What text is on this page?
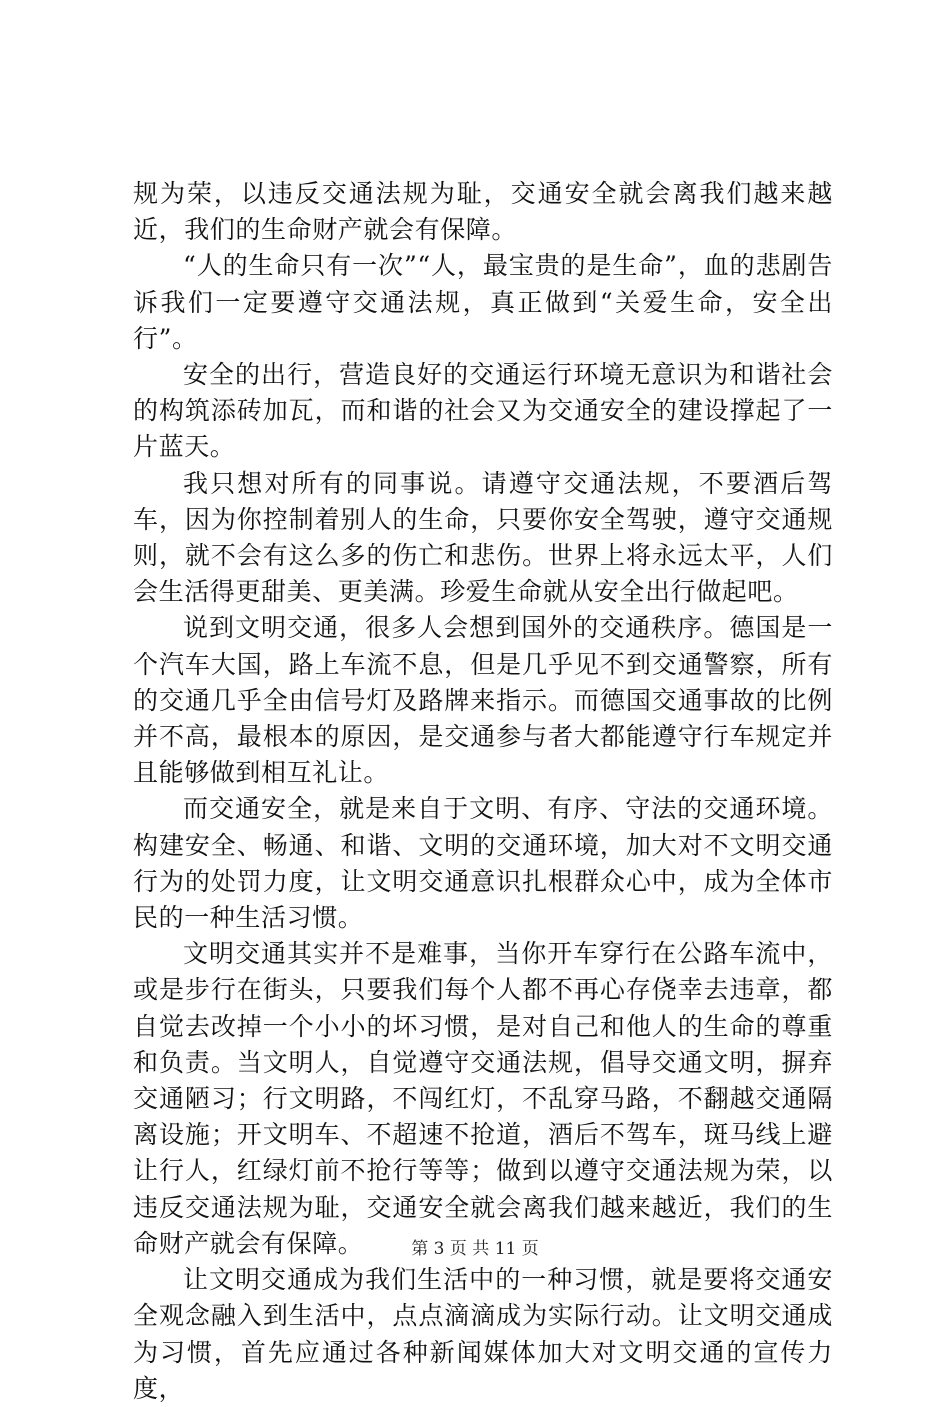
规为荣，以违反交通法规为耻，交通安全就会离我们越来越近，我们的生命财产就会有保障。

“人的生命只有一次”“人，最宝贵的是生命”，血的悲剧告诉我们一定要遵守交通法规，真正做到“关爱生命，安全出行”。

安全的出行，营造良好的交通运行环境无意识为和谐社会的构筑添砖加瓦，而和谐的社会又为交通安全的建设撑起了一片蓝天。

我只想对所有的同事说。请遵守交通法规，不要酒后驾车，因为你控制着别人的生命，只要你安全驾驶，遵守交通规则，就不会有这么多的伤亡和悲伤。世界上将永远太平，人们会生活得更甜美、更美满。珍爱生命就从安全出行做起吧。

说到文明交通，很多人会想到国外的交通秩序。德国是一个汽车大国，路上车流不息，但是几乎见不到交通警察，所有的交通几乎全由信号灯及路牌来指示。而德国交通事故的比例并不高，最根本的原因，是交通参与者大都能遵守行车规定并且能够做到相互礼让。

而交通安全，就是来自于文明、有序、守法的交通环境。构建安全、畅通、和谐、文明的交通环境，加大对不文明交通行为的处罚力度，让文明交通意识扎根群众心中，成为全体市民的一种生活习惯。

文明交通其实并不是难事，当你开车穿行在公路车流中，或是步行在街头，只要我们每个人都不再心存侥幸去违章，都自觉去改掉一个小小的坏习惯，是对自己和他人的生命的尊重和负责。当文明人，自觉遵守交通法规，倡导交通文明，摒弃交通陋习；行文明路，不闯红灯，不乱穿马路，不翻越交通隔离设施；开文明车、不超速不抢道，酒后不驾车，斑马线上避让行人，红绿灯前不抢行等等；做到以遵守交通法规为荣，以违反交通法规为耻，交通安全就会离我们越来越近，我们的生命财产就会有保障。

让文明交通成为我们生活中的一种习惯，就是要将交通安全观念融入到生活中，点点滴滴成为实际行动。让文明交通成为习惯，首先应通过各种新闻媒体加大对文明交通的宣传力度，

第 3 页 共 11 页
